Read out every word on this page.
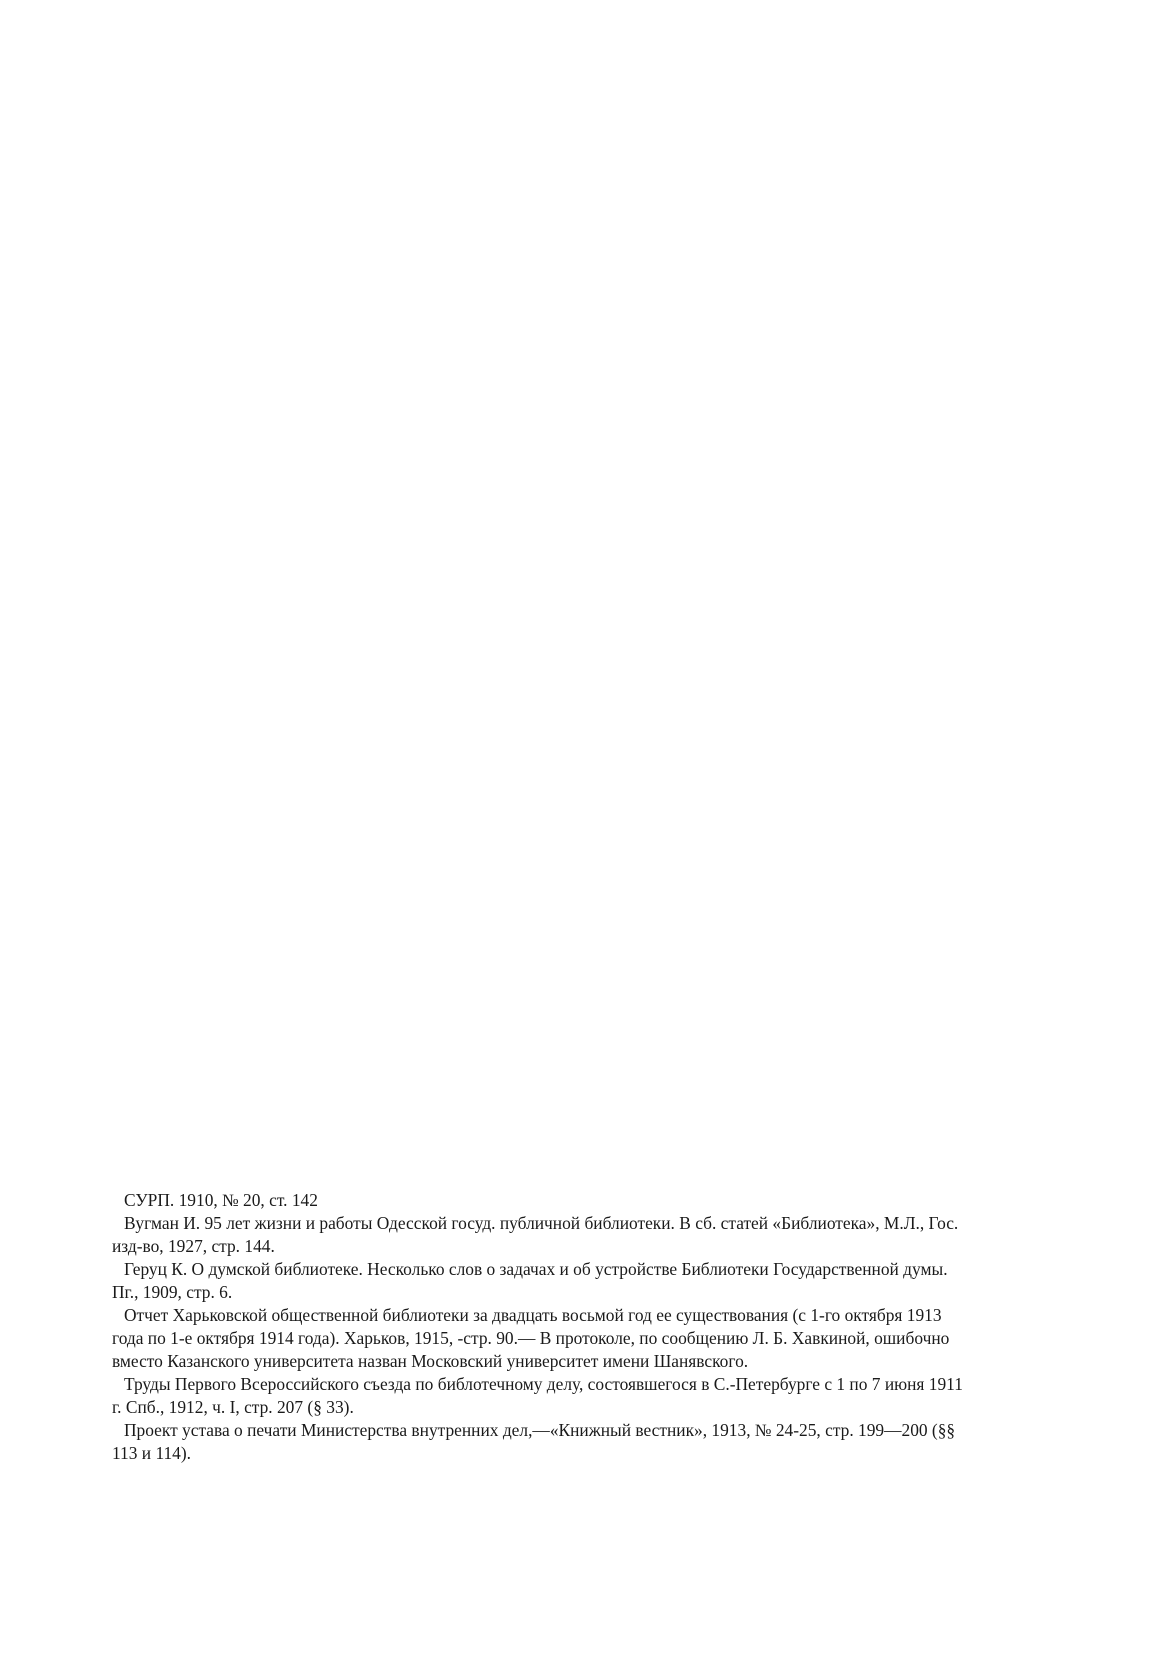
СУРП. 1910, № 20, ст. 142

Вугман И. 95 лет жизни и работы Одесской госуд. публичной библиотеки. В сб. статей «Библиотека», М.Л., Гос. изд-во, 1927, стр. 144.

Геруц К. О думской библиотеке. Несколько слов о задачах и об устройстве Библиотеки Государственной думы. Пг., 1909, стр. 6.

Отчет Харьковской общественной библиотеки за двадцать восьмой год ее существования (с 1-го октября 1913 года по 1-е октября 1914 года). Харьков, 1915, -стр. 90.— В протоколе, по сообщению Л. Б. Хавкиной, ошибочно вместо Казанского университета назван Московский университет имени Шанявского.

Труды Первого Всероссийского съезда по библотечному делу, состоявшегося в С.-Петербурге с 1 по 7 июня 1911 г. Спб., 1912, ч. I, стр. 207 (§ 33).

Проект устава о печати Министерства внутренних дел,—«Книжный вестник», 1913, № 24-25, стр. 199—200 (§§ 113 и 114).
